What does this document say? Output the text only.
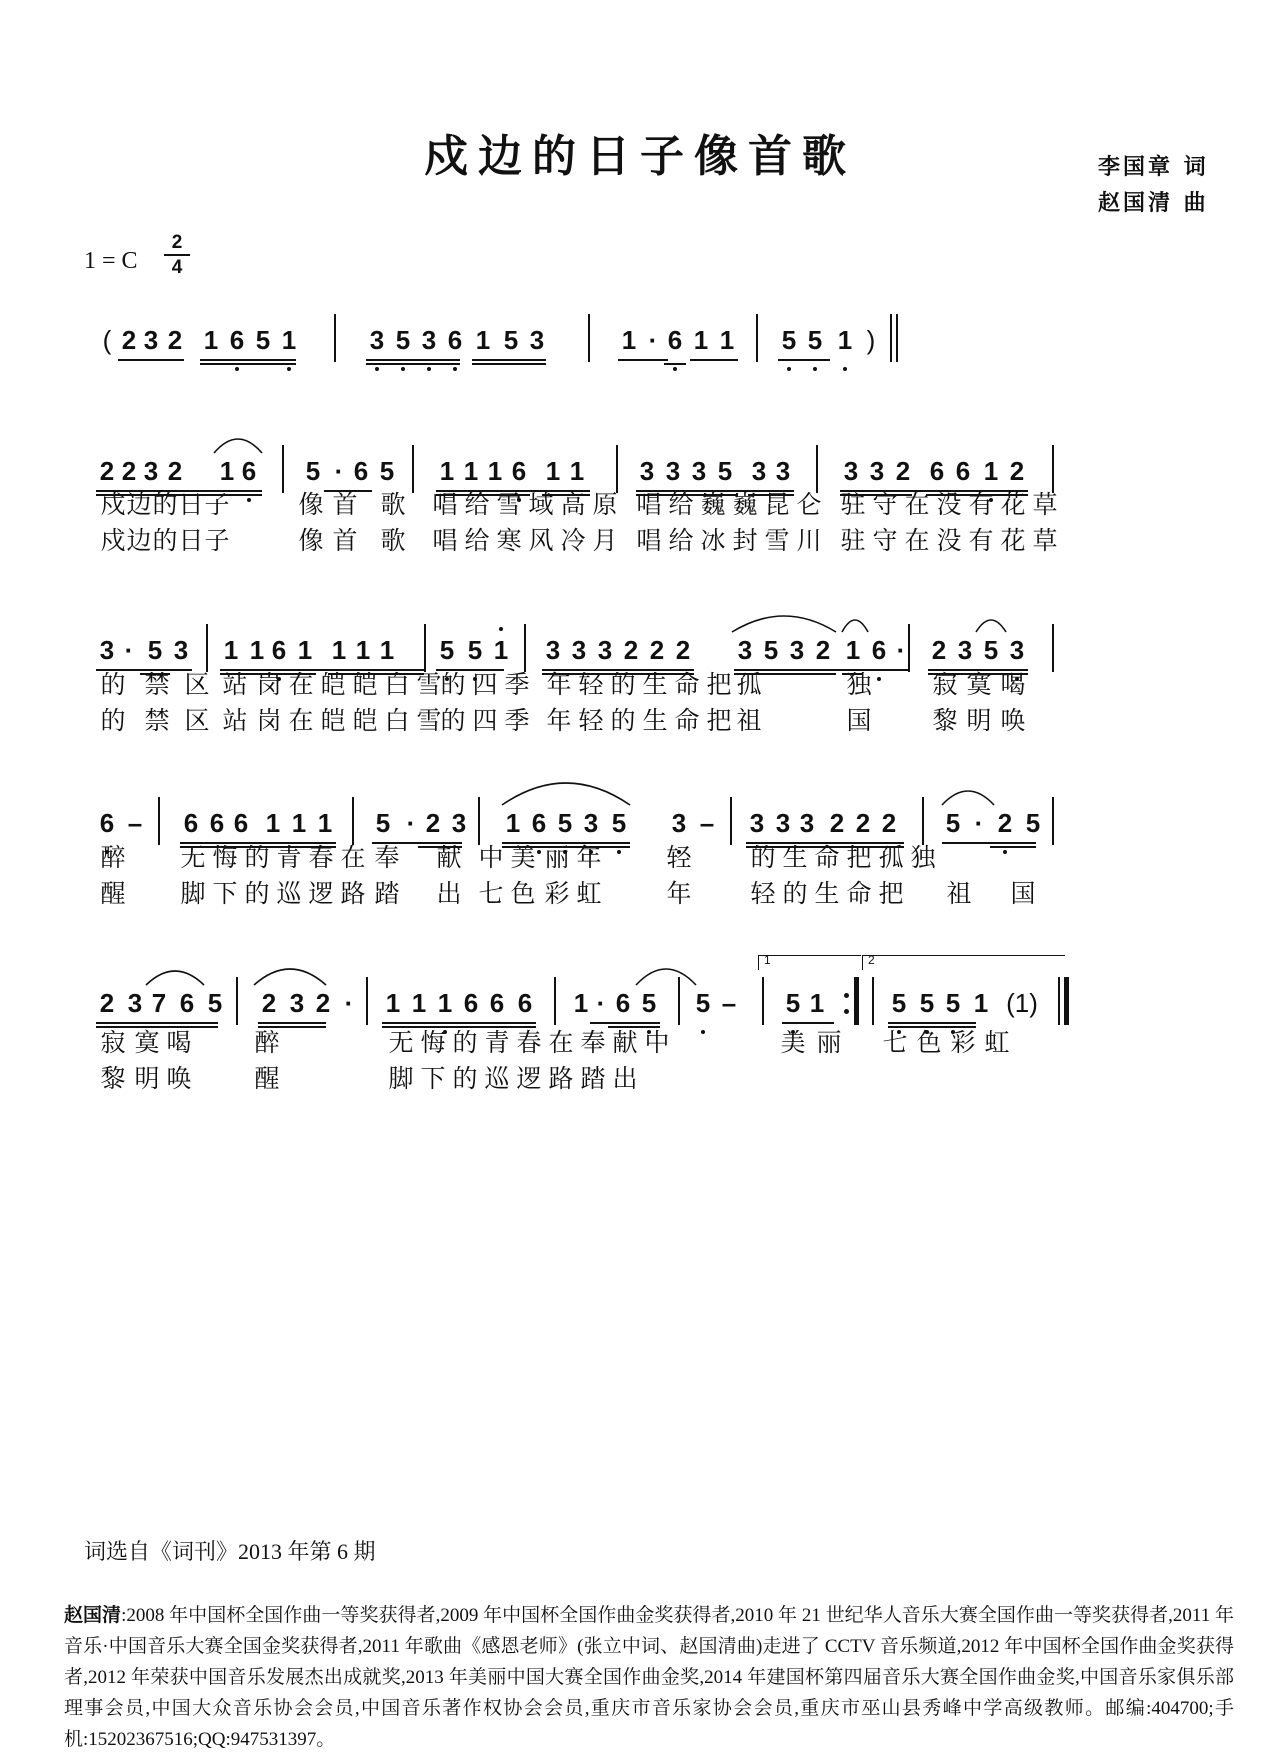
戍边的日子像首歌	李国章 词
赵国清 曲
1 = C
2
4
( 2 3 2 1 6 5 1	3 5 3 6 1 5 3	1 · 6 1 1 5 5 1 )
2 2 3 2 1 6 5 · 6 5 1 1 1 6 1 1 3 3 3 5 3 3 3 3 2 6 6 1 2
戍 边 的 日 子	像 首 歌 唱 给 雪 域 高 原 唱 给 巍 巍 昆 仑 驻 守 在 没 有 花 草
戍 边 的 日 子	像 首 歌 唱 给 寒 风 冷 月 唱 给 冰 封 雪 川 驻 守 在 没 有 花 草
3 · 5 3 1 1 6 1 1 1 1 5 5 1 3 3 3 2 2 2 3 5 3 2 1 6 · 2 3 5 3
的 禁 区 站 岗 在 皑 皑 白 雪
的 四 季 年 轻 的 生 命 把 孤	独 寂 寞 喝
的 禁 区 站 岗 在 皑 皑 白 雪
的 四 季 年 轻 的 生 命 把 祖	国 黎 明 唤
6 – 6 6 6 1 1 1 5 · 2 3 1 6 5 3 5 3 – 3 3 3 2 2 2 5 · 2 5
醉 无 悔 的 青 春 在 奉 献 中 美 丽 年	轻 的 生 命 把 孤 独
醒 脚 下 的 巡 逻 路 踏 出 七 色 彩 虹	年 轻 的 生 命 把 祖 国
2 3 7 6 5 2 3 2 · 1 1 1 6 6 6 1 · 6 5 5 – 5 1	5 5 5 1 (1)
1	2
寂 寞 喝	醉	无 悔 的 青 春 在 奉 献 中	美 丽 七 色 彩 虹
黎 明 唤	醒	脚 下 的 巡 逻 路 踏 出
词选自《词刊》2013 年第 6 期
赵国清:2008 年中国杯全国作曲一等奖获得者,2009 年中国杯全国作曲金奖获得者,2010 年 21 世纪华人音乐大赛全国作曲一等奖获得者,2011 年音乐·中国音乐大赛全国金奖获得者,2011 年歌曲《感恩老师》(张立中词、赵国清曲)走进了 CCTV 音乐频道,2012 年中国杯全国作曲金奖获得者,2012 年荣获中国音乐发展杰出成就奖,2013 年美丽中国大赛全国作曲金奖,2014 年建国杯第四届音乐大赛全国作曲金奖,中国音乐家俱乐部理事会员,中国大众音乐协会会员,中国音乐著作权协会会员,重庆市音乐家协会会员,重庆市巫山县秀峰中学高级教师。邮编:404700;手机:15202367516;QQ:947531397。
